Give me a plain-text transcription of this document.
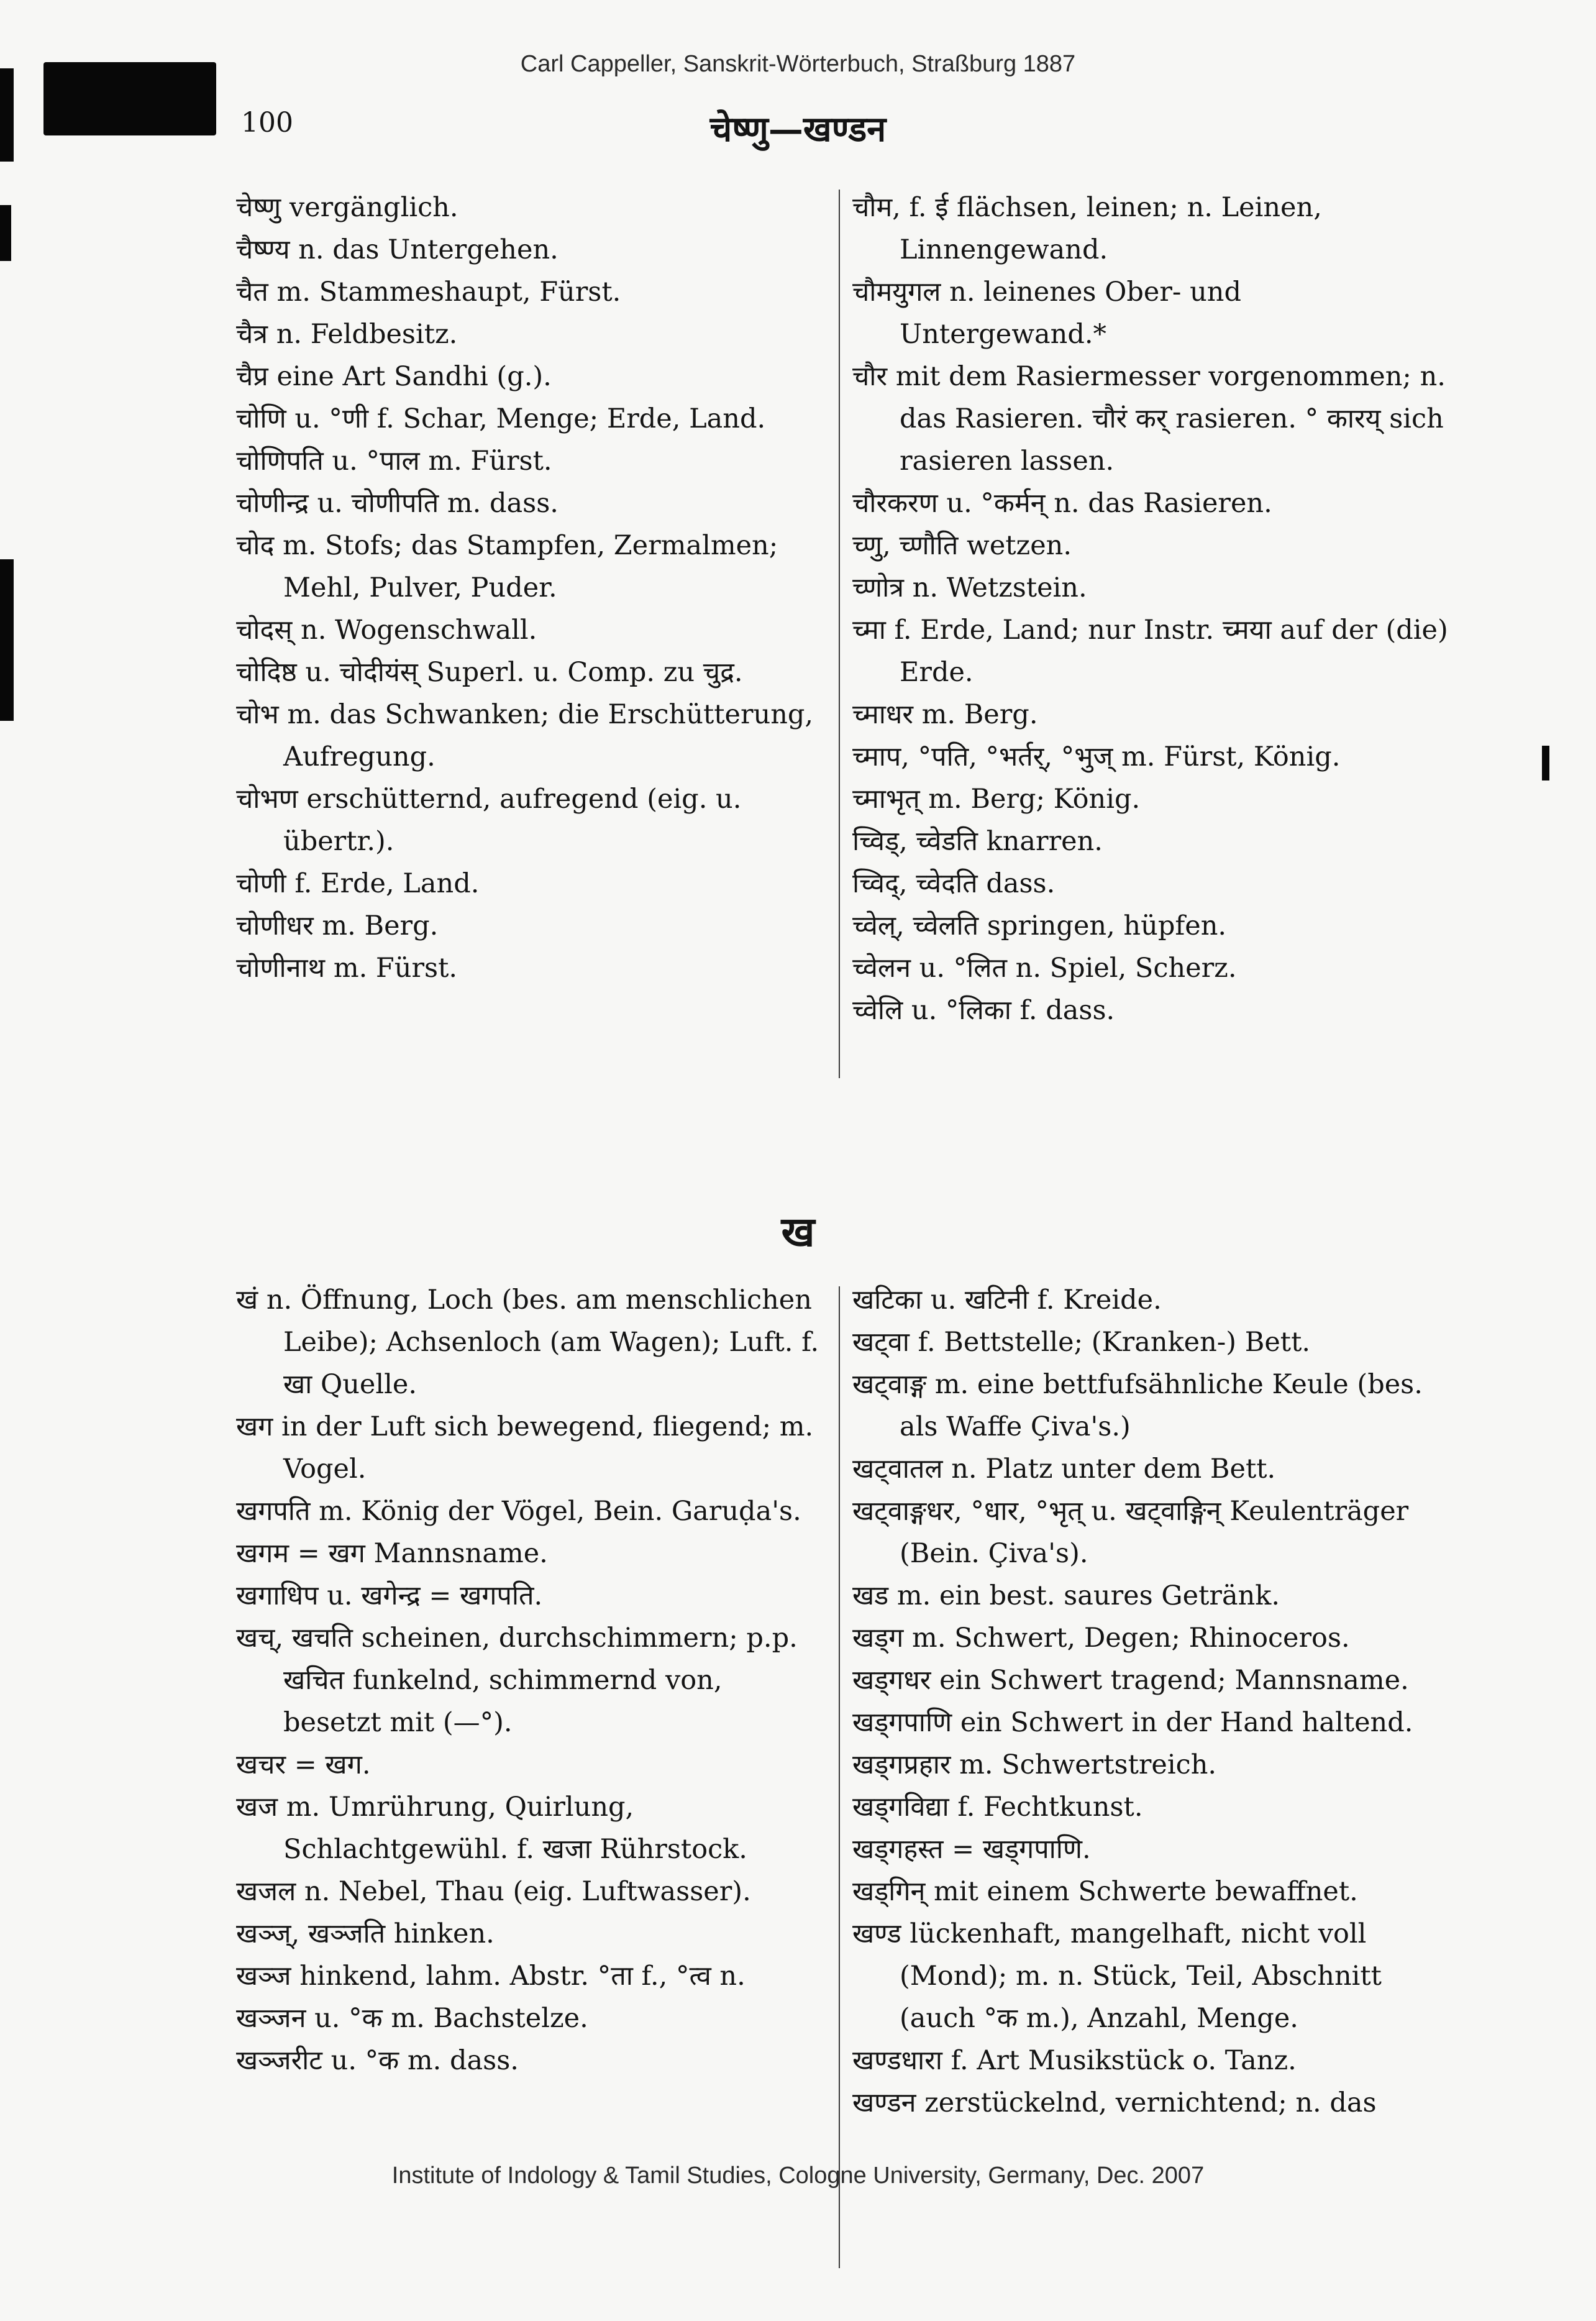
Carl Cappeller, Sanskrit-Wörterbuch, Straßburg 1887
100	चेष्णु—खण्डन

चेष्णु vergänglich.

चैष्ण्य n. das Untergehen.

चैत m. Stammeshaupt, Fürst.

चैत्र n. Feldbesitz.

चैप्र eine Art Sandhi (g.).

चोणि u. °णी f. Schar, Menge; Erde, Land.

चोणिपति u. °पाल m. Fürst.

चोणीन्द्र u. चोणीपति m. dass.

चोद m. Stofs; das Stampfen, Zermalmen; Mehl, Pulver, Puder.

चोदस् n. Wogenschwall.

चोदिष्ठ u. चोदीयंस् Superl. u. Comp. zu चुद्र.

चोभ m. das Schwanken; die Erschütterung, Aufregung.

चोभण erschütternd, aufregend (eig. u. übertr.).

चोणी f. Erde, Land.

चोणीधर m. Berg.

चोणीनाथ m. Fürst.

चौम, f. ई flächsen, leinen; n. Leinen, Linnengewand.

चौमयुगल n. leinenes Ober- und Untergewand.*

चौर mit dem Rasiermesser vorgenommen; n. das Rasieren. चौरं कर् rasieren. ° कारय् sich rasieren lassen.

चौरकरण u. °कर्मन् n. das Rasieren.

च्णु, च्णौति wetzen.

च्णोत्र n. Wetzstein.

च्मा f. Erde, Land; nur Instr. च्मया auf der (die) Erde.

च्माधर m. Berg.

च्माप, °पति, °भर्तर्, °भुज् m. Fürst, König.

च्माभृत् m. Berg; König.

च्विड्, च्वेडति knarren.

च्विद्, च्वेदति dass.

च्वेल्, च्वेलति springen, hüpfen.

च्वेलन u. °लित n. Spiel, Scherz.

च्वेलि u. °लिका f. dass.

ख

खं n. Öffnung, Loch (bes. am menschlichen Leibe); Achsenloch (am Wagen); Luft. f. खा Quelle.

खग in der Luft sich bewegend, fliegend; m. Vogel.

खगपति m. König der Vögel, Bein. Garuḍa's.

खगम = खग Mannsname.

खगाधिप u. खगेन्द्र = खगपति.

खच्, खचति scheinen, durchschimmern; p.p. खचित funkelnd, schimmernd von, besetzt mit (—°).

खचर = खग.

खज m. Umrührung, Quirlung, Schlachtgewühl. f. खजा Rührstock.

खजल n. Nebel, Thau (eig. Luftwasser).

खञ्ज्, खञ्जति hinken.

खञ्ज hinkend, lahm. Abstr. °ता f., °त्व n.

खञ्जन u. °क m. Bachstelze.

खञ्जरीट u. °क m. dass.

खटिका u. खटिनी f. Kreide.

खट्वा f. Bettstelle; (Kranken-) Bett.

खट्वाङ्ग m. eine bettfufsähnliche Keule (bes. als Waffe Çiva's.)

खट्वातल n. Platz unter dem Bett.

खट्वाङ्गधर, °धार, °भृत् u. खट्वाङ्गिन् Keulenträger (Bein. Çiva's).

खड m. ein best. saures Getränk.

खड्ग m. Schwert, Degen; Rhinoceros.

खड्गधर ein Schwert tragend; Mannsname.

खड्गपाणि ein Schwert in der Hand haltend.

खड्गप्रहार m. Schwertstreich.

खड्गविद्या f. Fechtkunst.

खड्गहस्त = खड्गपाणि.

खड्गिन् mit einem Schwerte bewaffnet.

खण्ड lückenhaft, mangelhaft, nicht voll (Mond); m. n. Stück, Teil, Abschnitt (auch °क m.), Anzahl, Menge.

खण्डधारा f. Art Musikstück o. Tanz.

खण्डन zerstückelnd, vernichtend; n. das

Institute of Indology & Tamil Studies, Cologne University, Germany, Dec. 2007
